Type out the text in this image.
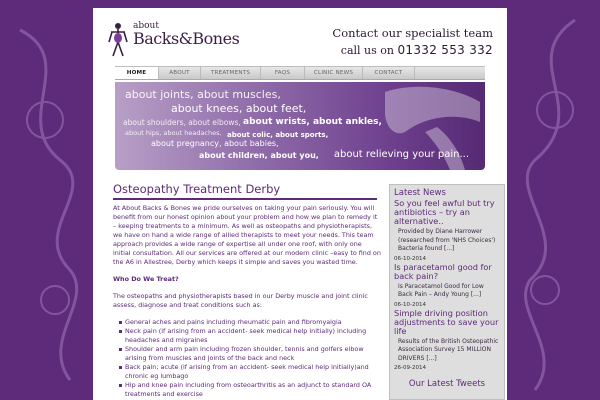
about
Backs&Bones	Contact our specialist team
call us on 01332 553 332
HOME	ABOUT	TREATMENTS	FAQS	CLINIC NEWS	CONTACT
about joints, about muscles,
about knees, about feet,
about shoulders, about elbows, about wrists, about ankles,
about hips, about headaches, about colic, about sports,
about pregnancy, about babies,
about children, about you, about relieving your pain...
Osteopathy Treatment Derby

At About Backs & Bones we pride ourselves on taking your pain seriously. You will benefit from our honest opinion about your problem and how we plan to remedy it – keeping treatments to a minimum. As well as osteopaths and physiotherapists, we have on hand a wide range of allied therapists to meet your needs. This team approach provides a wide range of expertise all under one roof, with only one initial consultation. All our services are offered at our modern clinic –easy to find on the A6 in Allestree, Derby which keeps it simple and saves you wasted time.

Who Do We Treat?

The osteopaths and physiotherapists based in our Derby muscle and joint clinic assess, diagnose and treat conditions such as:

General aches and pains including rheumatic pain and fibromyalgia
Neck pain (if arising from an accident- seek medical help initially) including headaches and migraines
Shoulder and arm pain including frozen shoulder, tennis and golfers elbow arising from muscles and joints of the back and neck
Back pain; acute (if arising from an accident- seek medical help initially)and chronic eg lumbago
Hip and knee pain including from osteoarthritis as an adjunct to standard OA treatments and exercise
Latest News
So you feel awful but try antibiotics – try an alternative..
Provided by Diane Harrower (researched from 'NHS Choices') Bacteria found [...]
06-10-2014
Is paracetamol good for back pain?
Is Paracetamol Good for Low Back Pain – Andy Young [...]
06-10-2014
Simple driving position adjustments to save your life
Results of the British Osteopathic Association Survey 15 MILLION DRIVERS [...]
26-09-2014
Our Latest Tweets
